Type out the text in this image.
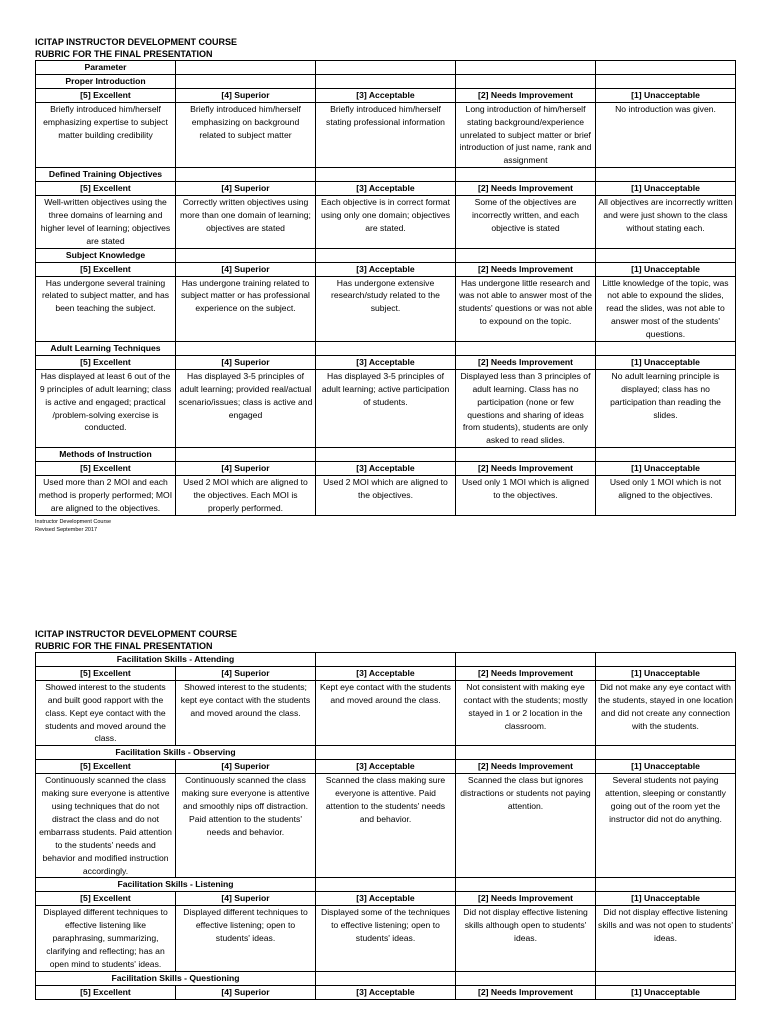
ICITAP INSTRUCTOR DEVELOPMENT COURSE

RUBRIC FOR THE FINAL PRESENTATION

Parameter				
Proper Introduction				
[5] Excellent	[4] Superior	[3] Acceptable	[2] Needs Improvement	[1] Unacceptable
Briefly introduced him/herself emphasizing expertise to subject matter building credibility	Briefly introduced him/herself emphasizing on background related to subject matter	Briefly introduced him/herself stating professional information	Long introduction of him/herself stating background/experience unrelated to subject matter or brief introduction of just name, rank and assignment	No introduction was given.
Defined Training Objectives				
[5] Excellent	[4] Superior	[3] Acceptable	[2] Needs Improvement	[1] Unacceptable
Well-written objectives using the three domains of learning and higher level of learning; objectives are stated	Correctly written objectives using more than one domain of learning; objectives are stated	Each objective is in correct format using only one domain; objectives are stated.	Some of the objectives are incorrectly written, and each objective is stated	All objectives are incorrectly written and were just shown to the class without stating each.
Subject Knowledge				
[5] Excellent	[4] Superior	[3] Acceptable	[2] Needs Improvement	[1] Unacceptable
Has undergone several training related to subject matter, and has been teaching the subject.	Has undergone training related to subject matter or has professional experience on the subject.	Has undergone extensive research/study related to the subject.	Has undergone little research and was not able to answer most of the students' questions or was not able to expound on the topic.	Little knowledge of the topic, was not able to expound the slides, read the slides, was not able to answer most of the students' questions.
Adult Learning Techniques				
[5] Excellent	[4] Superior	[3] Acceptable	[2] Needs Improvement	[1] Unacceptable
Has displayed at least 6 out of the 9 principles of adult learning; class is active and engaged; practical /problem-solving exercise is conducted.	Has displayed 3-5 principles of adult learning; provided real/actual scenario/issues; class is active and engaged	Has displayed 3-5 principles of adult learning; active participation of students.	Displayed less than 3 principles of adult learning. Class has no participation (none or few questions and sharing of ideas from students), students are only asked to read slides.	No adult learning principle is displayed; class has no participation than reading the slides.
Methods of Instruction				
[5] Excellent	[4] Superior	[3] Acceptable	[2] Needs Improvement	[1] Unacceptable
Used more than 2 MOI and each method is properly performed; MOI are aligned to the objectives.	Used 2 MOI which are aligned to the objectives. Each MOI is properly performed.	Used 2 MOI which are aligned to the objectives.	Used only 1 MOI which is aligned to the objectives.	Used only 1 MOI which is not aligned to the objectives.
Instructor Development Course
Revised September 2017

ICITAP INSTRUCTOR DEVELOPMENT COURSE

RUBRIC FOR THE FINAL PRESENTATION

Facilitation Skills - Attending				
[5] Excellent	[4] Superior	[3] Acceptable	[2] Needs Improvement	[1] Unacceptable
Showed interest to the students and built good rapport with the class. Kept eye contact with the students and moved around the class.	Showed interest to the students; kept eye contact with the students and moved around the class.	Kept eye contact with the students and moved around the class.	Not consistent with making eye contact with the students; mostly stayed in 1 or 2 location in the classroom.	Did not make any eye contact with the students, stayed in one location and did not create any connection with the students.
Facilitation Skills - Observing				
[5] Excellent	[4] Superior	[3] Acceptable	[2] Needs Improvement	[1] Unacceptable
Continuously scanned the class making sure everyone is attentive using techniques that do not distract the class and do not embarrass students. Paid attention to the students' needs and behavior and modified instruction accordingly.	Continuously scanned the class making sure everyone is attentive and smoothly nips off distraction. Paid attention to the students' needs and behavior.	Scanned the class making sure everyone is attentive. Paid attention to the students' needs and behavior.	Scanned the class but ignores distractions or students not paying attention.	Several students not paying attention, sleeping or constantly going out of the room yet the instructor did not do anything.
Facilitation Skills - Listening				
[5] Excellent	[4] Superior	[3] Acceptable	[2] Needs Improvement	[1] Unacceptable
Displayed different techniques to effective listening like paraphrasing, summarizing, clarifying and reflecting; has an open mind to students' ideas.	Displayed different techniques to effective listening; open to students' ideas.	Displayed some of the techniques to effective listening; open to students' ideas.	Did not display effective listening skills although open to students' ideas.	Did not display effective listening skills and was not open to students' ideas.
Facilitation Skills - Questioning				
[5] Excellent	[4] Superior	[3] Acceptable	[2] Needs Improvement	[1] Unacceptable
